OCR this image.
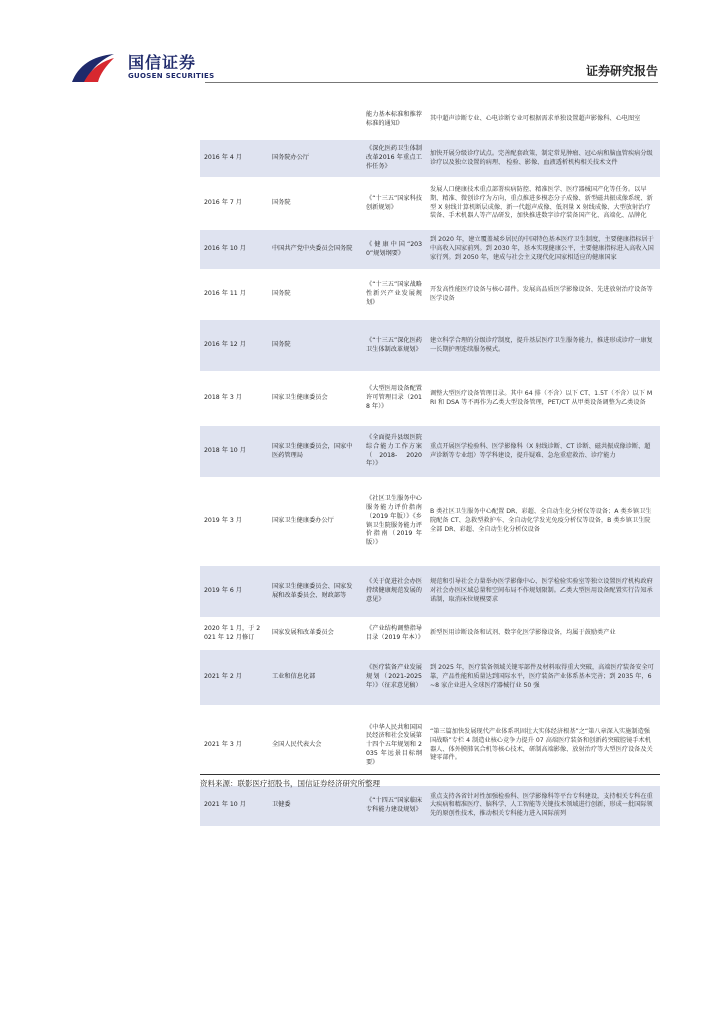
国信证券
GUOSEN SECURITIES	证券研究报告
		能力基本标准和推荐标准的通知》	其中超声诊断专业、心电诊断专业可根据需求单独设置超声影像科、心电图室
2016 年 4 月	国务院办公厅	《深化医药卫生体制改革2016 年重点工作任务》	加快开展分级诊疗试点。完善配套政策，制定常见肿瘤、冠心病和脑血管疾病分级诊疗以及独立设置的病理、 检验、影像、血液透析机构相关技术文件
2016 年 7 月	国务院	《“十三五”国家科技创新规划》	发展人口健康技术重点部署疾病防控、精准医学、医疗器械国产化等任务。以早期、精准、微创诊疗为方向，重点推进多模态分子成像、新型磁共振成像系统、新型 X 射线计算机断层成像、新一代超声成像、低剂量 X 射线成像、大型放射治疗装备、手术机器人等产品研发，加快推进数字诊疗装备国产化、高端化、品牌化
2016 年 10 月	中国共产党中央委员会国务院	《健康中国“2030”规划纲要》	到 2020 年，建立覆盖城乡居民的中国特色基本医疗卫生制度，主要健康指标居于中高收入国家前列。到 2030 年，基本实现健康公平，主要健康指标进入高收入国家行列。到 2050 年，建成与社会主义现代化国家相适应的健康国家
2016 年 11 月	国务院	《“十三五”国家战略性新兴产业发展规划》	开发高性能医疗设备与核心部件。发展高品质医学影像设备、先进放射治疗设备等医学设备
2016 年 12 月	国务院	《“十三五”深化医药卫生体制改革规划》	建立科学合理的分级诊疗制度，提升基层医疗卫生服务能力，推进形成诊疗一康复一长期护理连续服务模式。
2018 年 3 月	国家卫生健康委员会	《大型医用设备配置许可管理目录（2018 年）》	调整大型医疗设备管理目录。其中 64 排（不含）以下 CT、1.5T（不含）以下 MRI 和 DSA 等不再作为乙类大型设备管理，PET/CT 从甲类设备调整为乙类设备
2018 年 10 月	国家卫生健康委员会，国家中医药管理局	《全面提升县级医院综合能力工作方案（2018- 2020 年）》	重点开展医学检验科、医学影像科（X 射线诊断、CT 诊断、磁共振成像诊断、超声诊断等专业组）等学科建设，提升疑难、急危重症救治、诊疗能力
2019 年 3 月	国家卫生健康委办公厅	《社区卫生服务中心服务能力评价指南（2019 年版）》《乡镇卫生院服务能力评价指南（2019 年版）》	B 类社区卫生服务中心配置 DR、彩超、全自动生化分析仪等设备；A 类乡镇卫生院配备 CT、急救型救护车、全自动化学发光免疫分析仪等设备，B 类乡镇卫生院全部 DR、彩超、全自动生化分析仪设备
2019 年 6 月	国家卫生健康委员会、国家发展和改革委员会、财政部等	《关于促进社会办医持续健康规范发展的意见》	规范和引导社会力量举办医学影像中心、医学检验实验室等独立设置医疗机构政府对社会办医区域总量和空间布局不作规划限制。乙类大型医用设备配置实行告知承诺制，取消床位规模要求
2020 年 1 月，于 2021 年 12 月修订	国家发展和改革委员会	《产业结构调整指导目录（2019 年本）》	新型医用诊断设备和试剂、数字化医学影像设备，均属于鼓励类产业
2021 年 2 月	工业和信息化部	《医疗装备产业发展规划（2021-2025 年）》（征求意见稿）	到 2025 年，医疗装备领域关键零部件及材料取得重大突破，高端医疗装备安全可靠，产品性能和质量达到国际水平，医疗装备产业体系基本完善；到 2035 年，6~8 家企业进入全球医疗器械行业 50 强
2021 年 3 月	全国人民代表大会	《中华人民共和国国民经济和社会发展第十四个五年规划和 2035 年远景目标纲要》	“第三篇加快发展现代产业体系巩固壮大实体经济根基”之“第八章深入实施制造强国战略”专栏 4 制造业核心竞争力提升 07 高端医疗装备和创新药突破腔镜手术机器人、体外膜肺氧合机等核心技术，研制高端影像、放射治疗等大型医疗设备及关键零部件。
2021 年 10 月	卫健委	《“十四五”国家临床专科能力建设规划》	重点支持各省针对性加强检验科、医学影像科等平台专科建设，支持相关专科在重大疾病和精准医疗、脑科学、人工智能等关键技术领域进行创新，形成一批国际领先的原创性技术，推动相关专科能力进入国际前列
资料来源：联影医疗招股书，国信证券经济研究所整理
